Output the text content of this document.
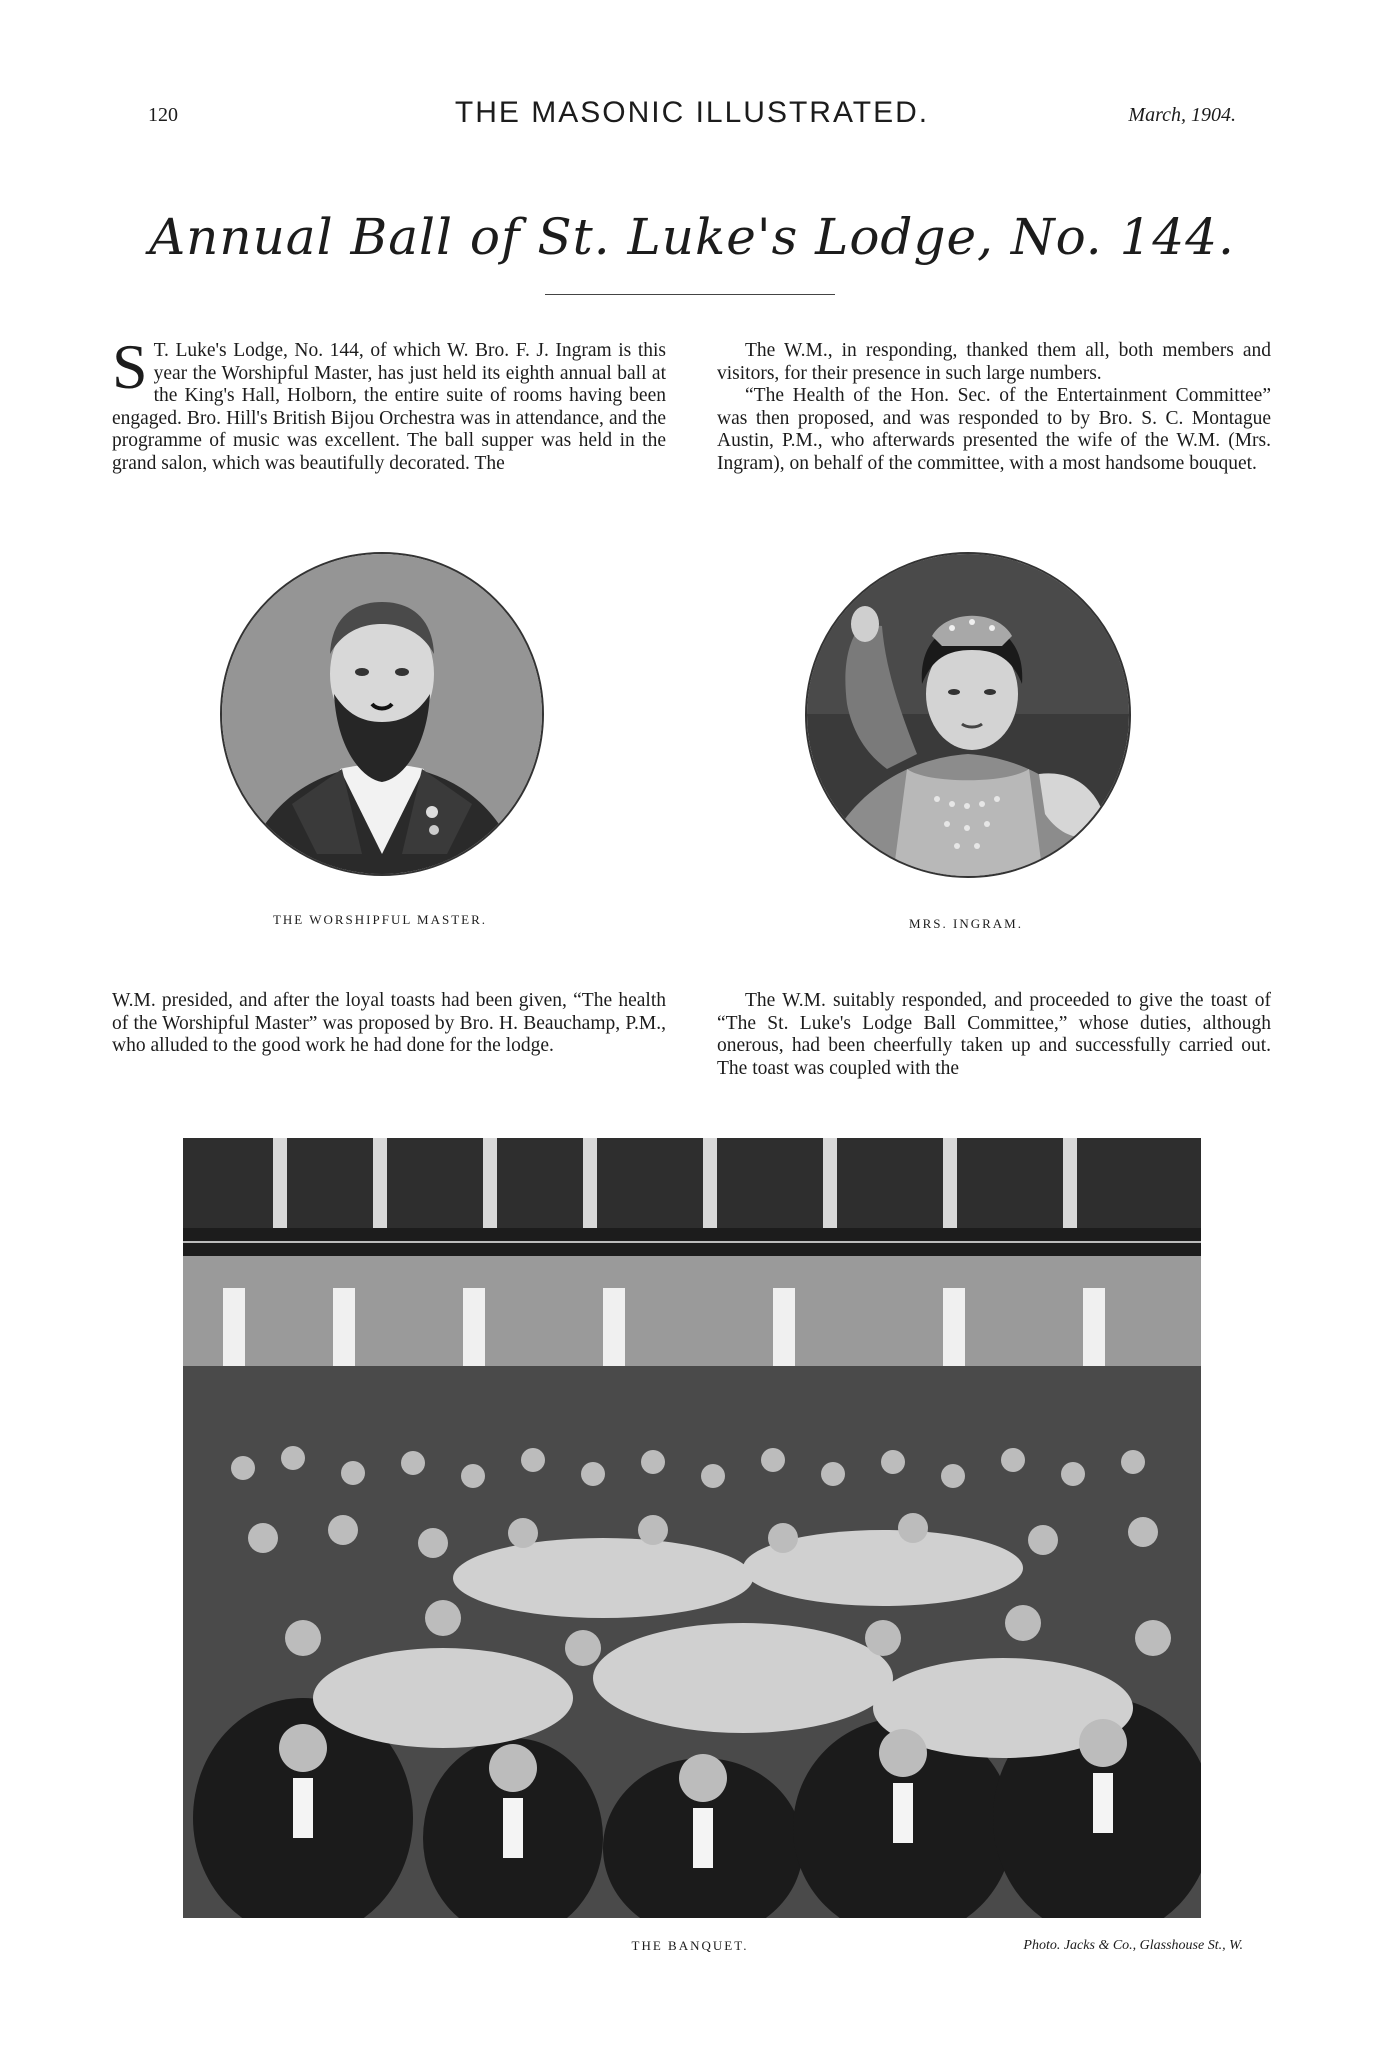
120	THE MASONIC ILLUSTRATED.	March, 1904.
Annual Ball of St. Luke's Lodge, No. 144.

S T. Luke's Lodge, No. 144, of which W. Bro. F. J. Ingram is this year the Worshipful Master, has just held its eighth annual ball at the King's Hall, Holborn, the entire suite of rooms having been engaged. Bro. Hill's British Bijou Orchestra was in attendance, and the programme of music was excellent. The ball supper was held in the grand salon, which was beautifully decorated. The

The W.M., in responding, thanked them all, both members and visitors, for their presence in such large numbers.

“The Health of the Hon. Sec. of the Entertainment Committee” was then proposed, and was responded to by Bro. S. C. Montague Austin, P.M., who afterwards presented the wife of the W.M. (Mrs. Ingram), on behalf of the committee, with a most handsome bouquet.

THE WORSHIPFUL MASTER.	MRS. INGRAM.

W.M. presided, and after the loyal toasts had been given, “The health of the Worshipful Master” was proposed by Bro. H. Beauchamp, P.M., who alluded to the good work he had done for the lodge.

The W.M. suitably responded, and proceeded to give the toast of “The St. Luke's Lodge Ball Committee,” whose duties, although onerous, had been cheerfully taken up and successfully carried out. The toast was coupled with the

THE BANQUET.	Photo. Jacks & Co., Glasshouse St., W.
